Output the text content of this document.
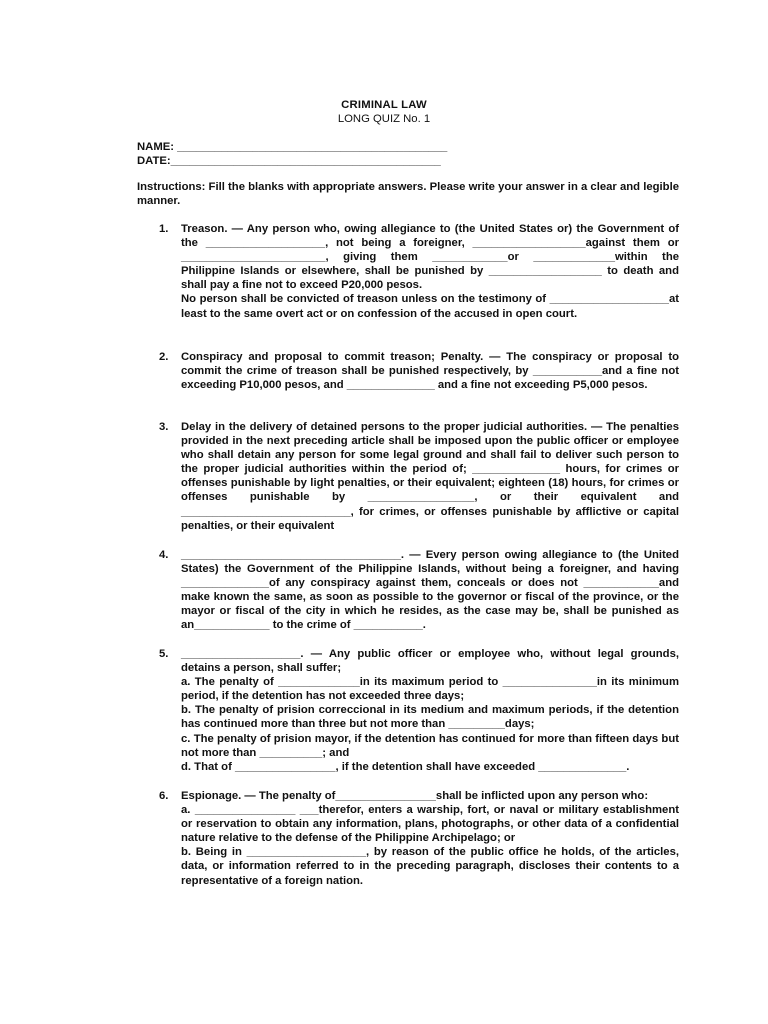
CRIMINAL LAW
LONG QUIZ No. 1
NAME: ___________________________________________
DATE:___________________________________________
Instructions: Fill the blanks with appropriate answers. Please write your answer in a clear and legible manner.
1. Treason. — Any person who, owing allegiance to (the United States or) the Government of the ___________________, not being a foreigner, __________________against them or _______________________, giving them ____________or _____________within the Philippine Islands or elsewhere, shall be punished by __________________ to death and shall pay a fine not to exceed P20,000 pesos.

No person shall be convicted of treason unless on the testimony of ___________________at least to the same overt act or on confession of the accused in open court.

2. Conspiracy and proposal to commit treason; Penalty. — The conspiracy or proposal to commit the crime of treason shall be punished respectively, by ___________and a fine not exceeding P10,000 pesos, and ______________ and a fine not exceeding P5,000 pesos.

3. Delay in the delivery of detained persons to the proper judicial authorities. — The penalties provided in the next preceding article shall be imposed upon the public officer or employee who shall detain any person for some legal ground and shall fail to deliver such person to the proper judicial authorities within the period of; ______________ hours, for crimes or offenses punishable by light penalties, or their equivalent; eighteen (18) hours, for crimes or offenses punishable by _________________, or their equivalent and ___________________________, for crimes, or offenses punishable by afflictive or capital penalties, or their equivalent

4. ___________________________________. — Every person owing allegiance to (the United States) the Government of the Philippine Islands, without being a foreigner, and having ______________of any conspiracy against them, conceals or does not ____________and make known the same, as soon as possible to the governor or fiscal of the province, or the mayor or fiscal of the city in which he resides, as the case may be, shall be punished as an____________ to the crime of ___________.

5. ___________________. — Any public officer or employee who, without legal grounds, detains a person, shall suffer;

a. The penalty of _____________in its maximum period to _______________in its minimum period, if the detention has not exceeded three days;

b. The penalty of prision correccional in its medium and maximum periods, if the detention has continued more than three but not more than _________days;

c. The penalty of prision mayor, if the detention has continued for more than fifteen days but not more than __________; and

d. That of ________________, if the detention shall have exceeded ______________.

6. Espionage. — The penalty of________________shall be inflicted upon any person who:

a. ________________ ___therefor, enters a warship, fort, or naval or military establishment or reservation to obtain any information, plans, photographs, or other data of a confidential nature relative to the defense of the Philippine Archipelago; or

b. Being in ___________________, by reason of the public office he holds, of the articles, data, or information referred to in the preceding paragraph, discloses their contents to a representative of a foreign nation.
